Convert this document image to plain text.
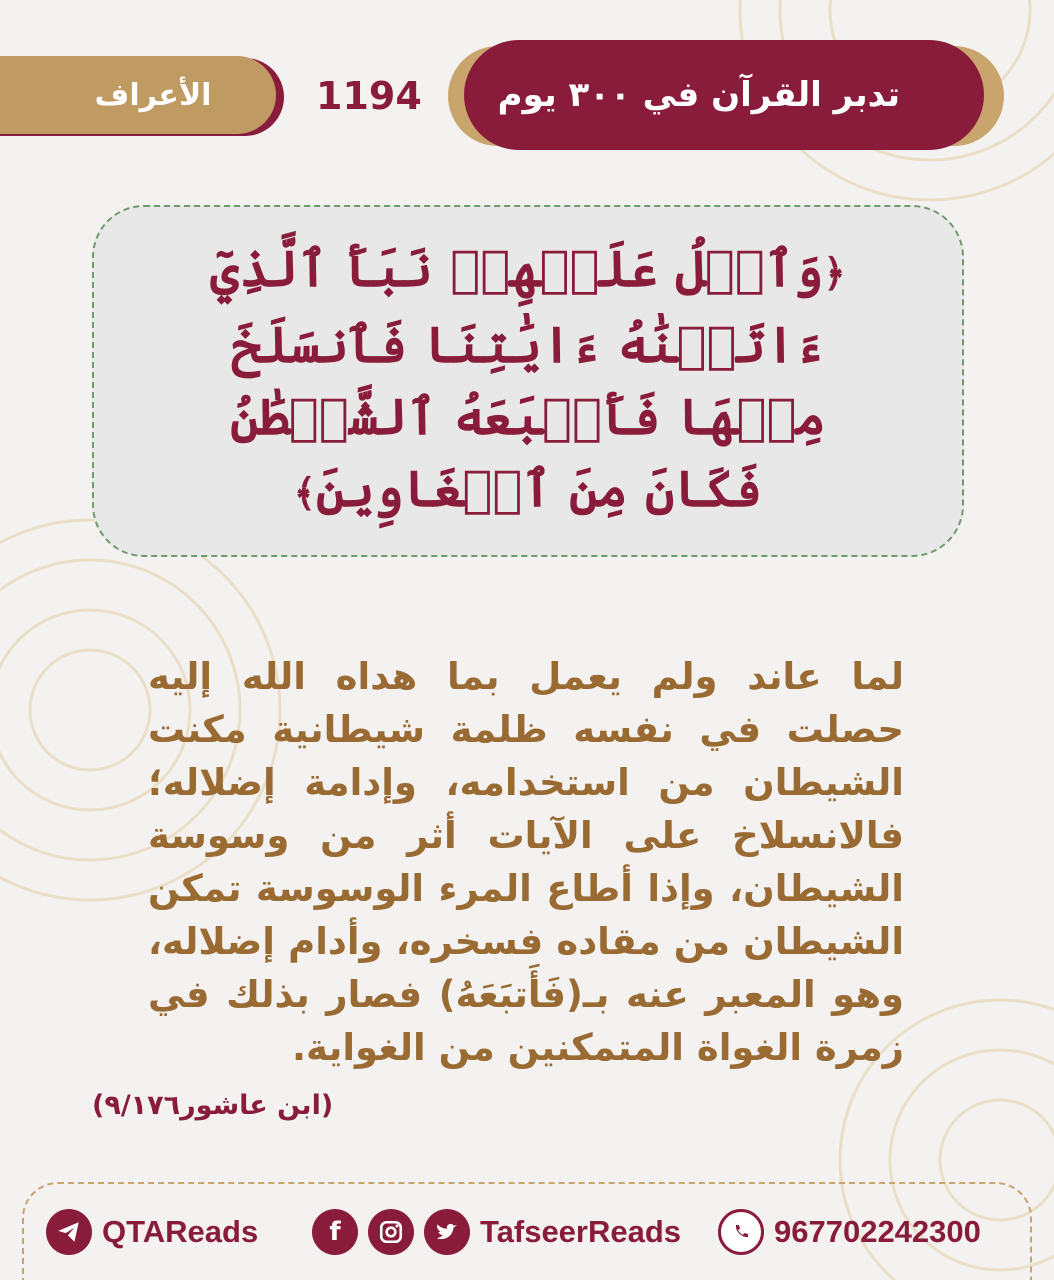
تدبر القرآن في ٣٠٠ يوم
1194
الأعراف
﴿وَٱتۡلُ عَلَيۡهِمۡ نَبَأَ ٱلَّذِيٓ ءَاتَيۡنَٰهُ ءَايَٰتِنَا فَٱنسَلَخَ مِنۡهَا فَأَتۡبَعَهُ ٱلشَّيۡطَٰنُ فَكَانَ مِنَ ٱلۡغَاوِينَ﴾
لما عاند ولم يعمل بما هداه الله إليه حصلت في نفسه ظلمة شيطانية مكنت الشيطان من استخدامه، وإدامة إضلاله؛ فالانسلاخ على الآيات أثر من وسوسة الشيطان، وإذا أطاع المرء الوسوسة تمكن الشيطان من مقاده فسخره، وأدام إضلاله، وهو المعبر عنه بـ(فَأَتبَعَهُ) فصار بذلك في زمرة الغواة المتمكنين من الغواية.
(ابن عاشور٩/١٧٦)
QTAReads	f	TafseerReads	967702242300
